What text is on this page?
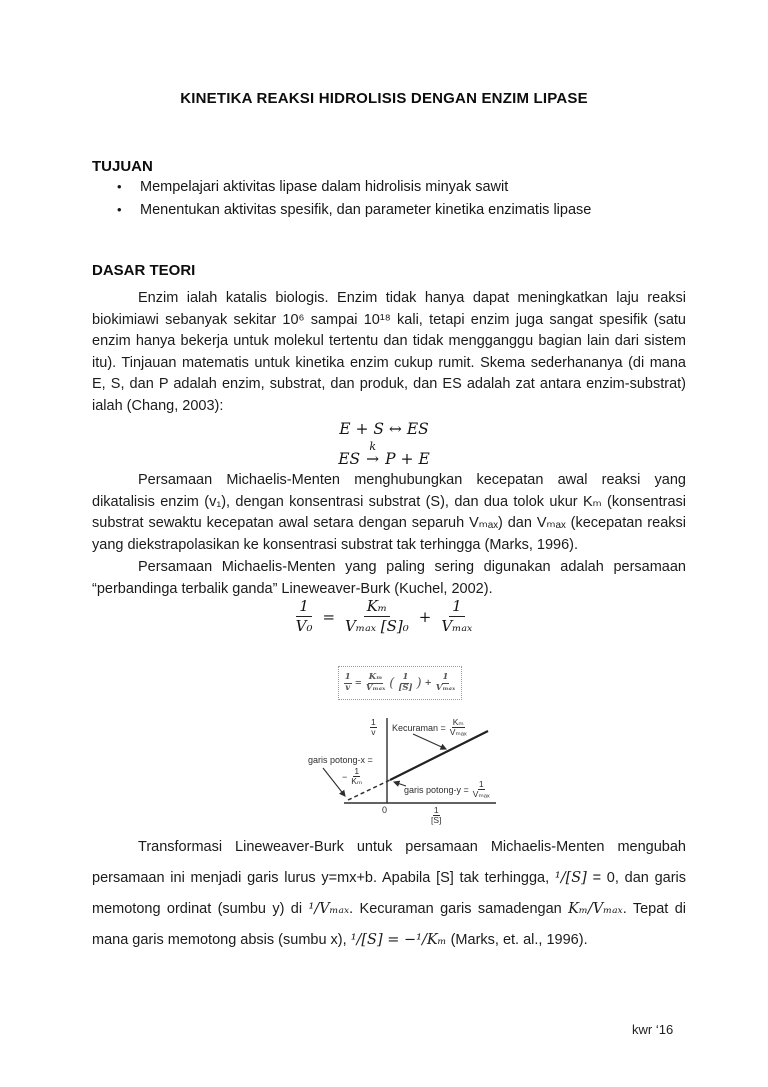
KINETIKA REAKSI HIDROLISIS DENGAN ENZIM LIPASE
TUJUAN
•	Mempelajari aktivitas lipase dalam hidrolisis minyak sawit
•	Menentukan aktivitas spesifik, dan parameter kinetika enzimatis lipase
DASAR TEORI

Enzim ialah katalis biologis. Enzim tidak hanya dapat meningkatkan laju reaksi biokimiawi sebanyak sekitar 10⁶ sampai 10¹⁸ kali, tetapi enzim juga sangat spesifik (satu enzim hanya bekerja untuk molekul tertentu dan tidak mengganggu bagian lain dari sistem itu). Tinjauan matematis untuk kinetika enzim cukup rumit. Skema sederhananya (di mana E, S, dan P adalah enzim, substrat, dan produk, dan ES adalah zat antara enzim-substrat) ialah (Chang, 2003):

E + S ↔ ES
ES
k
→ P + E

Persamaan Michaelis-Menten menghubungkan kecepatan awal reaksi yang dikatalisis enzim (v₁), dengan konsentrasi substrat (S), dan dua tolok ukur Kₘ (konsentrasi substrat sewaktu kecepatan awal setara dengan separuh Vₘₐₓ) dan Vₘₐₓ (kecepatan reaksi yang diekstrapolasikan ke konsentrasi substrat tak terhingga (Marks, 1996).

Persamaan Michaelis-Menten yang paling sering digunakan adalah persamaan “perbandinga terbalik ganda” Lineweaver-Burk (Kuchel, 2002).

$\frac{1}{\text{V₀}} = \frac{\text{Kₘ}}{\text{Vₘₐₓ [S]₀}} + \frac{1}{\text{Vₘₐₓ}}$
$\frac{1}{v} = \frac{\text{Kₘ}}{\text{Vₘₐₓ}}$ ( $\frac{1}{[S]}$ ) + $\frac{1}{\text{Vₘₐₓ}}$
$\frac{1}{v}$ Kecuraman = $\frac{\text{Kₘ}}{\text{Vₘₐₓ}}$
garis potong-x =
− $\frac{1}{\text{Kₘ}}$
garis potong-y = $\frac{1}{\text{Vₘₐₓ}}$
0	$\frac{1}{[S]}$

Transformasi Lineweaver-Burk untuk persamaan Michaelis-Menten mengubah persamaan ini menjadi garis lurus y=mx+b. Apabila [S] tak terhingga, ¹/[S] = 0, dan garis memotong ordinat (sumbu y) di ¹/Vₘₐₓ. Kecuraman garis samadengan Kₘ/Vₘₐₓ. Tepat di mana garis memotong absis (sumbu x), ¹/[S] = −¹/Kₘ (Marks, et. al., 1996).

kwr ‘16
